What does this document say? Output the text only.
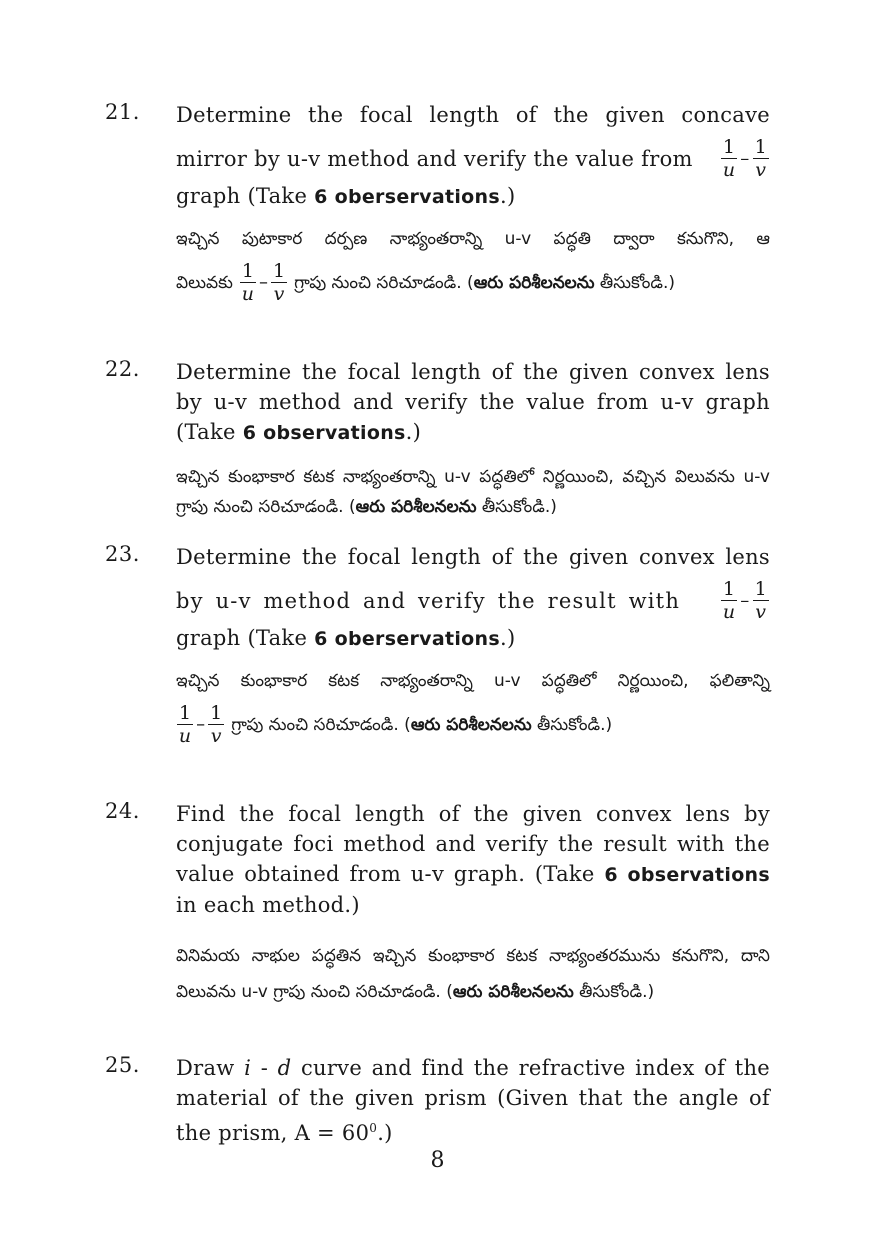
21. Determine the focal length of the given concave
mirror by u-v method and verify the value from $\frac{1}{u} - \frac{1}{v}$
graph (Take 6 oberservations.)
ఇచ్చిన పుటాకార దర్పణ నాభ్యంతరాన్ని u-v పద్ధతి ద్వారా కనుగొని, ఆ
విలువకు $\frac{1}{u} - \frac{1}{v}$ గ్రాపు నుంచి సరిచూడండి. (ఆరు పరిశీలనలను తీసుకోండి.)
22. Determine the focal length of the given convex lens by u-v method and verify the value from u-v graph (Take 6 observations.)
ఇచ్చిన కుంభాకార కటక నాభ్యంతరాన్ని u-v పద్ధతిలో నిర్ణయించి, వచ్చిన విలువను u-v గ్రాపు నుంచి సరిచూడండి. (ఆరు పరిశీలనలను తీసుకోండి.)
23. Determine the focal length of the given convex lens
by u-v method and verify the result with $\frac{1}{u} - \frac{1}{v}$
graph (Take 6 oberservations.)
ఇచ్చిన కుంభాకార కటక నాభ్యంతరాన్ని u-v పద్ధతిలో నిర్ణయించి, ఫలితాన్ని
$\frac{1}{u} - \frac{1}{v}$ గ్రాపు నుంచి సరిచూడండి. (ఆరు పరిశీలనలను తీసుకోండి.)
24. Find the focal length of the given convex lens by conjugate foci method and verify the result with the value obtained from u-v graph. (Take 6 observations in each method.)
వినిమయ నాభుల పద్ధతిన ఇచ్చిన కుంభాకార కటక నాభ్యంతరమును కనుగొని, దాని విలువను u-v గ్రాపు నుంచి సరిచూడండి. (ఆరు పరిశీలనలను తీసుకోండి.)
25. Draw i - d curve and find the refractive index of the material of the given prism (Given that the angle of the prism, $A = 60^0$.)
8
